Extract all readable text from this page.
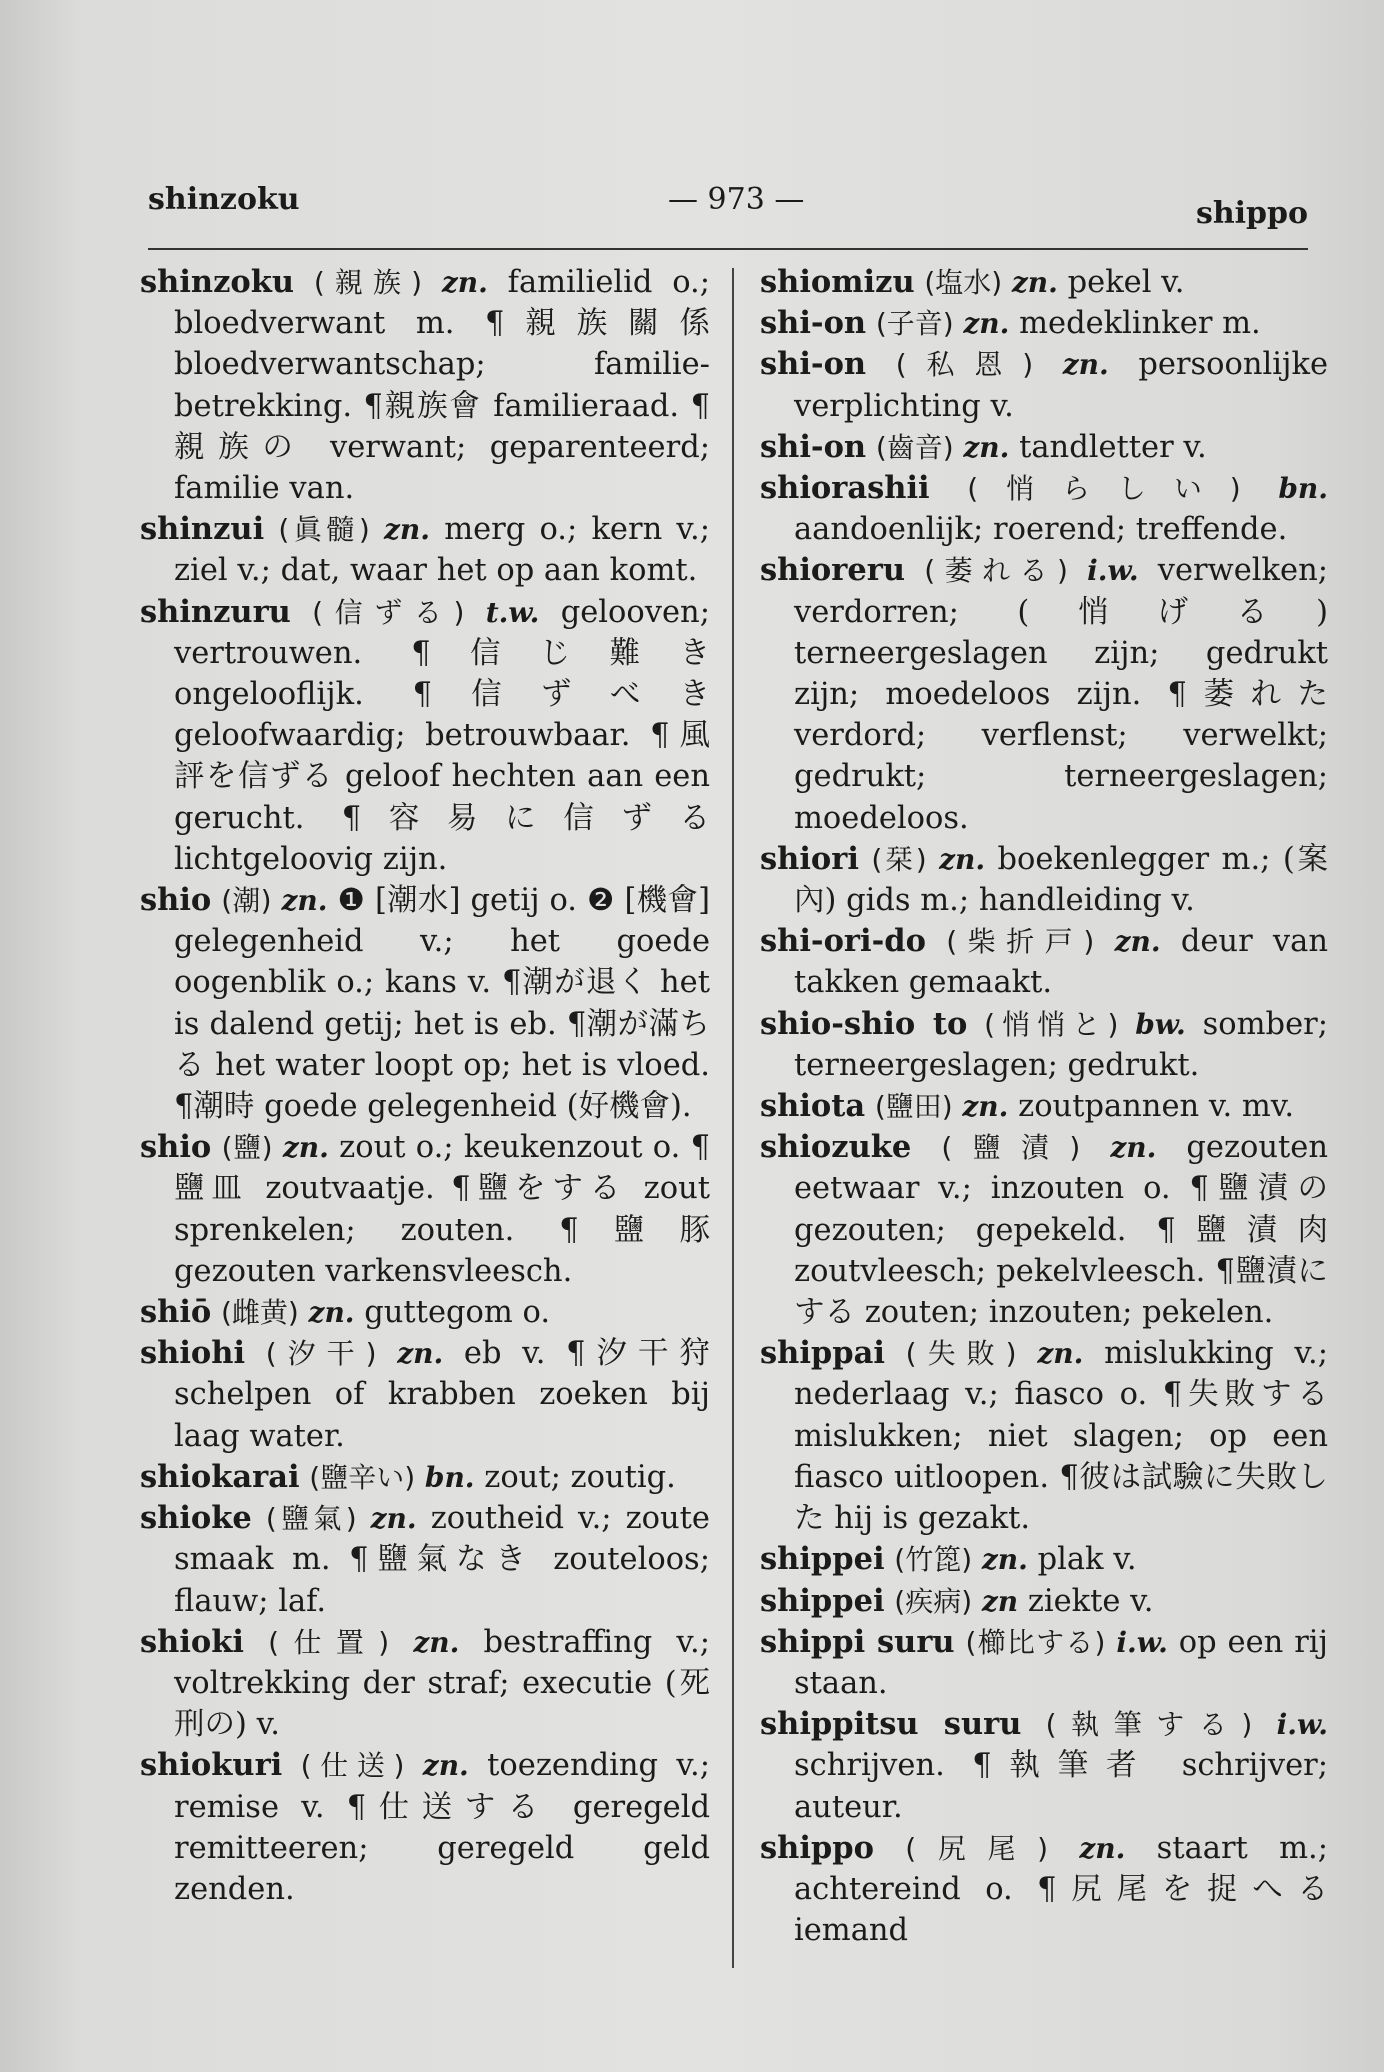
shinzoku	— 973 —	shippo

shinzoku (親族) zn. familielid o.; bloedverwant m. ¶親族關係 bloedverwantschap; familie-betrekking. ¶親族會 familieraad. ¶親族の verwant; geparenteerd; familie van.

shinzui (眞髓) zn. merg o.; kern v.; ziel v.; dat, waar het op aan komt.

shinzuru (信ずる) t.w. gelooven; vertrouwen. ¶信じ難き ongelooflijk. ¶信ずべき geloofwaardig; betrouwbaar. ¶風評を信ずる geloof hechten aan een gerucht. ¶容易に信ずる lichtgeloovig zijn.

shio (潮) zn. ❶ [潮水] getij o. ❷ [機會] gelegenheid v.; het goede oogenblik o.; kans v. ¶潮が退く het is dalend getij; het is eb. ¶潮が滿ちる het water loopt op; het is vloed. ¶潮時 goede gelegenheid (好機會).

shio (鹽) zn. zout o.; keukenzout o. ¶鹽皿 zoutvaatje. ¶鹽をする zout sprenkelen; zouten. ¶鹽豚 gezouten varkensvleesch.

shiō (雌黄) zn. guttegom o.

shiohi (汐干) zn. eb v. ¶汐干狩 schelpen of krabben zoeken bij laag water.

shiokarai (鹽辛い) bn. zout; zoutig.

shioke (鹽氣) zn. zoutheid v.; zoute smaak m. ¶鹽氣なき zouteloos; flauw; laf.

shioki (仕置) zn. bestraffing v.; voltrekking der straf; executie (死刑の) v.

shiokuri (仕送) zn. toezending v.; remise v. ¶仕送する geregeld remitteeren; geregeld geld zenden.

shiomizu (塩水) zn. pekel v.

shi-on (子音) zn. medeklinker m.

shi-on (私恩) zn. persoonlijke verplichting v.

shi-on (齒音) zn. tandletter v.

shiorashii (悄らしい) bn. aandoenlijk; roerend; treffende.

shioreru (萎れる) i.w. verwelken; verdorren; (悄げる) terneergeslagen zijn; gedrukt zijn; moedeloos zijn. ¶萎れた verdord; verflenst; verwelkt; gedrukt; terneergeslagen; moedeloos.

shiori (栞) zn. boekenlegger m.; (案內) gids m.; handleiding v.

shi-ori-do (柴折戸) zn. deur van takken gemaakt.

shio-shio to (悄悄と) bw. somber; terneergeslagen; gedrukt.

shiota (鹽田) zn. zoutpannen v. mv.

shiozuke (鹽漬) zn. gezouten eetwaar v.; inzouten o. ¶鹽漬の gezouten; gepekeld. ¶鹽漬肉 zoutvleesch; pekelvleesch. ¶鹽漬にする zouten; inzouten; pekelen.

shippai (失敗) zn. mislukking v.; nederlaag v.; fiasco o. ¶失敗する mislukken; niet slagen; op een fiasco uitloopen. ¶彼は試驗に失敗した hij is gezakt.

shippei (竹箆) zn. plak v.

shippei (疾病) zn ziekte v.

shippi suru (櫛比する) i.w. op een rij staan.

shippitsu suru (執筆する) i.w. schrijven. ¶執筆者 schrijver; auteur.

shippo (尻尾) zn. staart m.; achtereind o. ¶尻尾を捉へる iemand
